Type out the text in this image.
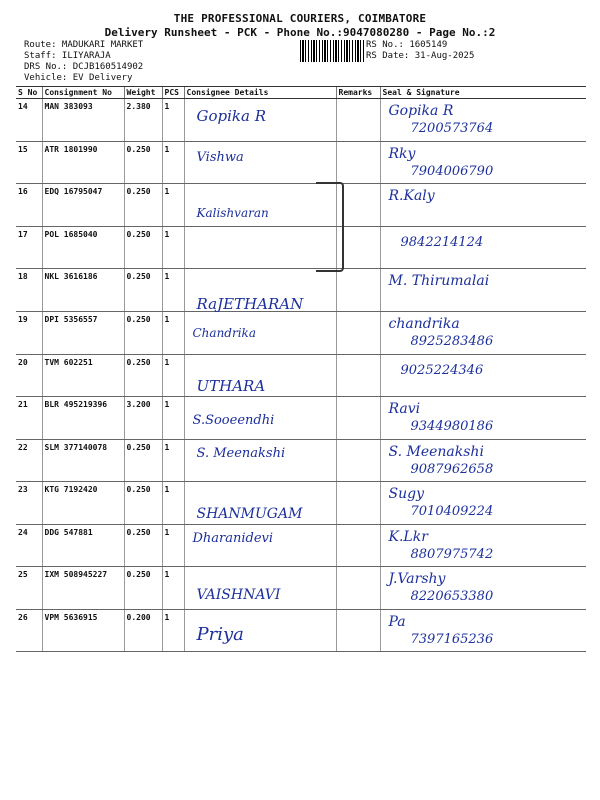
THE PROFESSIONAL COURIERS, COIMBATORE
Delivery Runsheet - PCK - Phone No.:9047080280 - Page No.:2
Route: MADUKARI MARKET
Staff: ILIYARAJA
DRS No.: DCJB160514902
Vehicle: EV Delivery
RS No.: 1605149
RS Date: 31-Aug-2025
S No	Consignment No	Weight	PCS	Consignee Details	Remarks	Seal & Signature
14	MAN 383093	2.380	1	Gopika R		Gopika R
7200573764

15	ATR 1801990	0.250	1	Vishwa		Rky
7904006790

16	EDQ 16795047	0.250	1	Kalishvaran		R.Kaly

17	POL 1685040	0.250	1			9842214124

18	NKL 3616186	0.250	1	RaJETHARAN		M. Thirumalai

19	DPI 5356557	0.250	1	Chandrika		chandrika
8925283486

20	TVM 602251	0.250	1	UTHARA		9025224346

21	BLR 495219396	3.200	1	S.Sooeendhi		Ravi
9344980186

22	SLM 377140078	0.250	1	S. Meenakshi		S. Meenakshi
9087962658

23	KTG 7192420	0.250	1	SHANMUGAM		Sugy
7010409224

24	DDG 547881	0.250	1	Dharanidevi		K.Lkr
8807975742

25	IXM 508945227	0.250	1	VAISHNAVI		J.Varshy
8220653380

26	VPM 5636915	0.200	1	Priya		Pa
7397165236
